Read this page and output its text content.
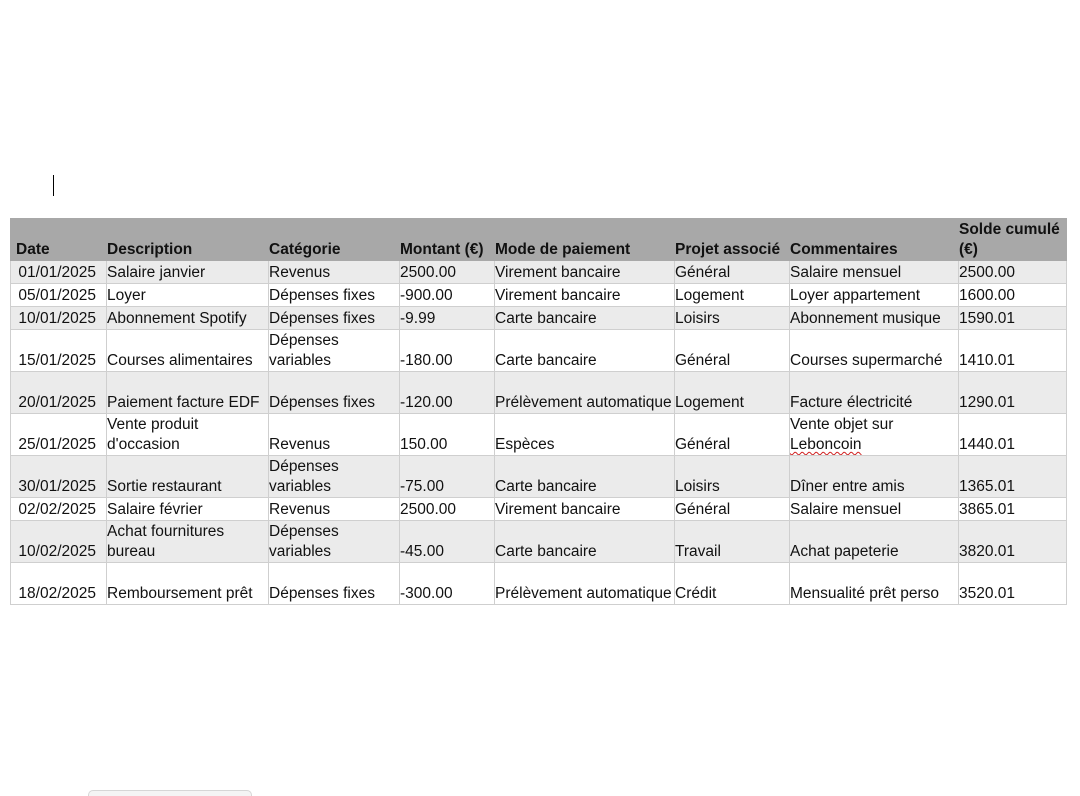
Date	Description	Catégorie	Montant (€)	Mode de paiement	Projet associé	Commentaires	Solde cumulé (€)
01/01/2025	Salaire janvier	Revenus	2500.00	Virement bancaire	Général	Salaire mensuel	2500.00
05/01/2025	Loyer	Dépenses fixes	-900.00	Virement bancaire	Logement	Loyer appartement	1600.00
10/01/2025	Abonnement Spotify	Dépenses fixes	-9.99	Carte bancaire	Loisirs	Abonnement musique	1590.01
15/01/2025	Courses alimentaires	Dépenses variables	-180.00	Carte bancaire	Général	Courses supermarché	1410.01
20/01/2025	Paiement facture EDF	Dépenses fixes	-120.00	Prélèvement automatique	Logement	Facture électricité	1290.01
25/01/2025	Vente produit d'occasion	Revenus	150.00	Espèces	Général	Vente objet sur Leboncoin	1440.01
30/01/2025	Sortie restaurant	Dépenses variables	-75.00	Carte bancaire	Loisirs	Dîner entre amis	1365.01
02/02/2025	Salaire février	Revenus	2500.00	Virement bancaire	Général	Salaire mensuel	3865.01
10/02/2025	Achat fournitures bureau	Dépenses variables	-45.00	Carte bancaire	Travail	Achat papeterie	3820.01
18/02/2025	Remboursement prêt	Dépenses fixes	-300.00	Prélèvement automatique	Crédit	Mensualité prêt perso	3520.01
